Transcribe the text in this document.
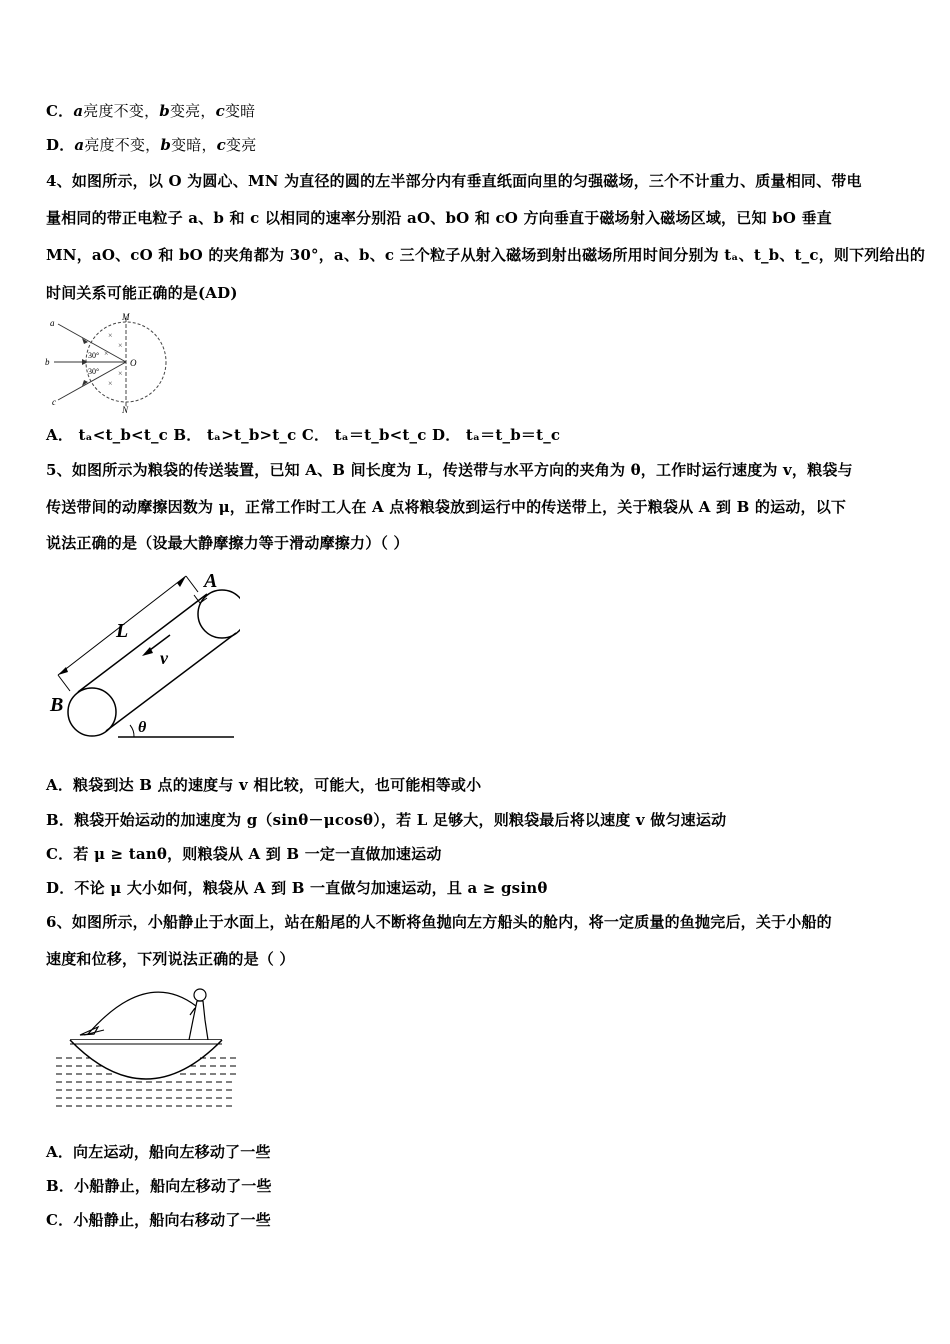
C．a亮度不变，b变亮，c变暗
D．a亮度不变，b变暗，c变亮
4、如图所示，以 O 为圆心、MN 为直径的圆的左半部分内有垂直纸面向里的匀强磁场，三个不计重力、质量相同、带电
量相同的带正电粒子 a、b 和 c 以相同的速率分别沿 aO、bO 和 cO 方向垂直于磁场射入磁场区域，已知 bO 垂直
MN，aO、cO 和 bO 的夹角都为 30°，a、b、c 三个粒子从射入磁场到射出磁场所用时间分别为 tₐ、t_b、t_c，则下列给出的
时间关系可能正确的是(AD)
×
×
×
×
×
a
b
c
M
N
O
30°
30°
A． tₐ<t_b<t_c B． tₐ>t_b>t_c C． tₐ＝t_b<t_c D． tₐ＝t_b＝t_c
5、如图所示为粮袋的传送装置，已知 A、B 间长度为 L，传送带与水平方向的夹角为 θ，工作时运行速度为 v，粮袋与
传送带间的动摩擦因数为 μ，正常工作时工人在 A 点将粮袋放到运行中的传送带上，关于粮袋从 A 到 B 的运动，以下
说法正确的是（设最大静摩擦力等于滑动摩擦力）（ ）
A
B
L
v
θ
A．粮袋到达 B 点的速度与 v 相比较，可能大，也可能相等或小
B．粮袋开始运动的加速度为 g（sinθ－μcosθ），若 L 足够大，则粮袋最后将以速度 v 做匀速运动
C．若 μ ≥ tanθ，则粮袋从 A 到 B 一定一直做加速运动
D．不论 μ 大小如何，粮袋从 A 到 B 一直做匀加速运动，且 a ≥ gsinθ
6、如图所示，小船静止于水面上，站在船尾的人不断将鱼抛向左方船头的舱内，将一定质量的鱼抛完后，关于小船的
速度和位移，下列说法正确的是（ ）
A．向左运动，船向左移动了一些
B．小船静止，船向左移动了一些
C．小船静止，船向右移动了一些
